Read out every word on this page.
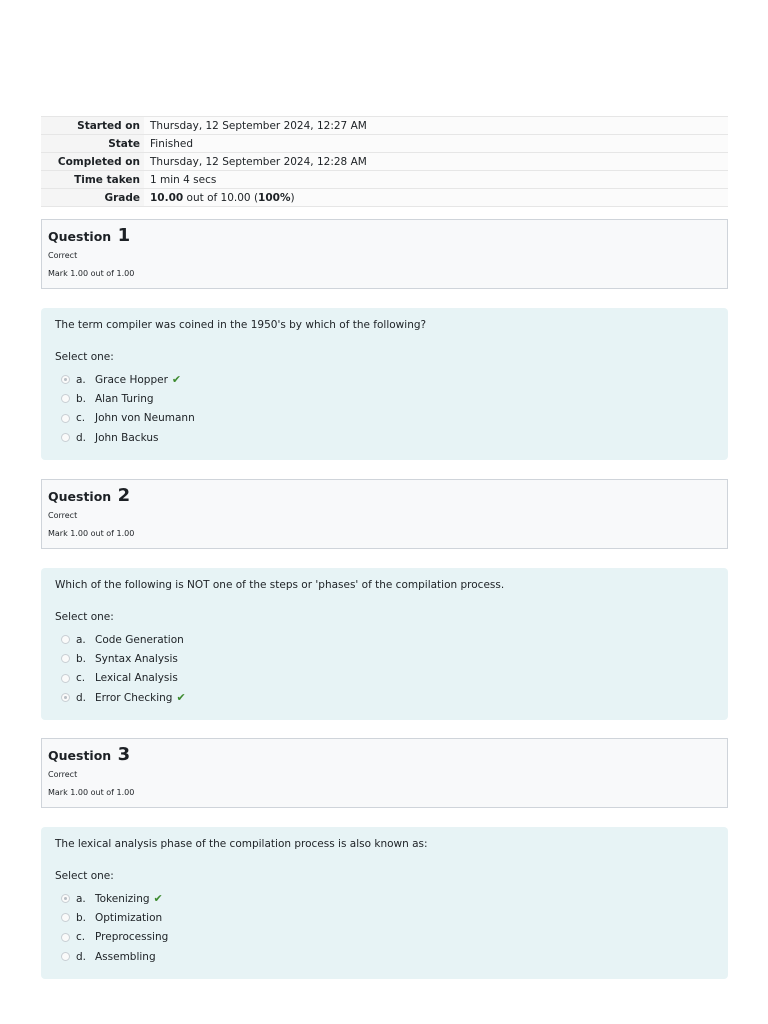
Started on	Thursday, 12 September 2024, 12:27 AM
State	Finished
Completed on	Thursday, 12 September 2024, 12:28 AM
Time taken	1 min 4 secs
Grade	10.00 out of 10.00 (100%)
Question 1
Correct
Mark 1.00 out of 1.00
The term compiler was coined in the 1950's by which of the following?
Select one:
a. Grace Hopper ✔
b. Alan Turing
c. John von Neumann
d. John Backus
Question 2
Correct
Mark 1.00 out of 1.00
Which of the following is NOT one of the steps or 'phases' of the compilation process.
Select one:
a. Code Generation
b. Syntax Analysis
c. Lexical Analysis
d. Error Checking ✔
Question 3
Correct
Mark 1.00 out of 1.00
The lexical analysis phase of the compilation process is also known as:
Select one:
a. Tokenizing ✔
b. Optimization
c. Preprocessing
d. Assembling
